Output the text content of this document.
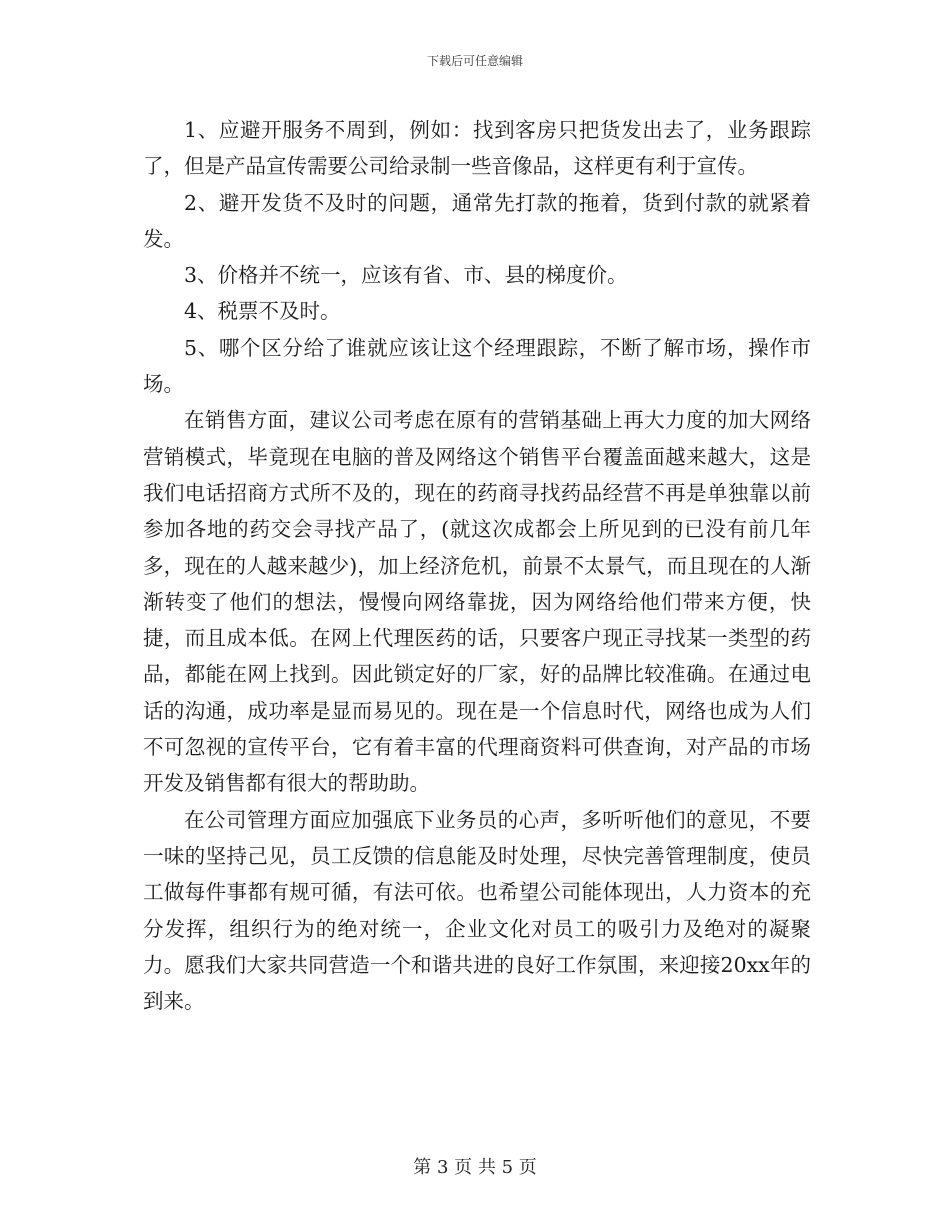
下载后可任意编辑

1、应避开服务不周到，例如：找到客房只把货发出去了，业务跟踪了，但是产品宣传需要公司给录制一些音像品，这样更有利于宣传。

2、避开发货不及时的问题，通常先打款的拖着，货到付款的就紧着发。

3、价格并不统一，应该有省、市、县的梯度价。

4、税票不及时。

5、哪个区分给了谁就应该让这个经理跟踪，不断了解市场，操作市场。

在销售方面，建议公司考虑在原有的营销基础上再大力度的加大网络营销模式，毕竟现在电脑的普及网络这个销售平台覆盖面越来越大，这是我们电话招商方式所不及的，现在的药商寻找药品经营不再是单独靠以前参加各地的药交会寻找产品了，(就这次成都会上所见到的已没有前几年多，现在的人越来越少)，加上经济危机，前景不太景气，而且现在的人渐渐转变了他们的想法，慢慢向网络靠拢，因为网络给他们带来方便，快捷，而且成本低。在网上代理医药的话，只要客户现正寻找某一类型的药品，都能在网上找到。因此锁定好的厂家，好的品牌比较准确。在通过电话的沟通，成功率是显而易见的。现在是一个信息时代，网络也成为人们不可忽视的宣传平台，它有着丰富的代理商资料可供查询，对产品的市场开发及销售都有很大的帮助助。

在公司管理方面应加强底下业务员的心声，多听听他们的意见，不要一味的坚持己见，员工反馈的信息能及时处理，尽快完善管理制度，使员工做每件事都有规可循，有法可依。也希望公司能体现出，人力资本的充分发挥，组织行为的绝对统一，企业文化对员工的吸引力及绝对的凝聚力。愿我们大家共同营造一个和谐共进的良好工作氛围，来迎接20xx年的到来。

第 3 页 共 5 页
